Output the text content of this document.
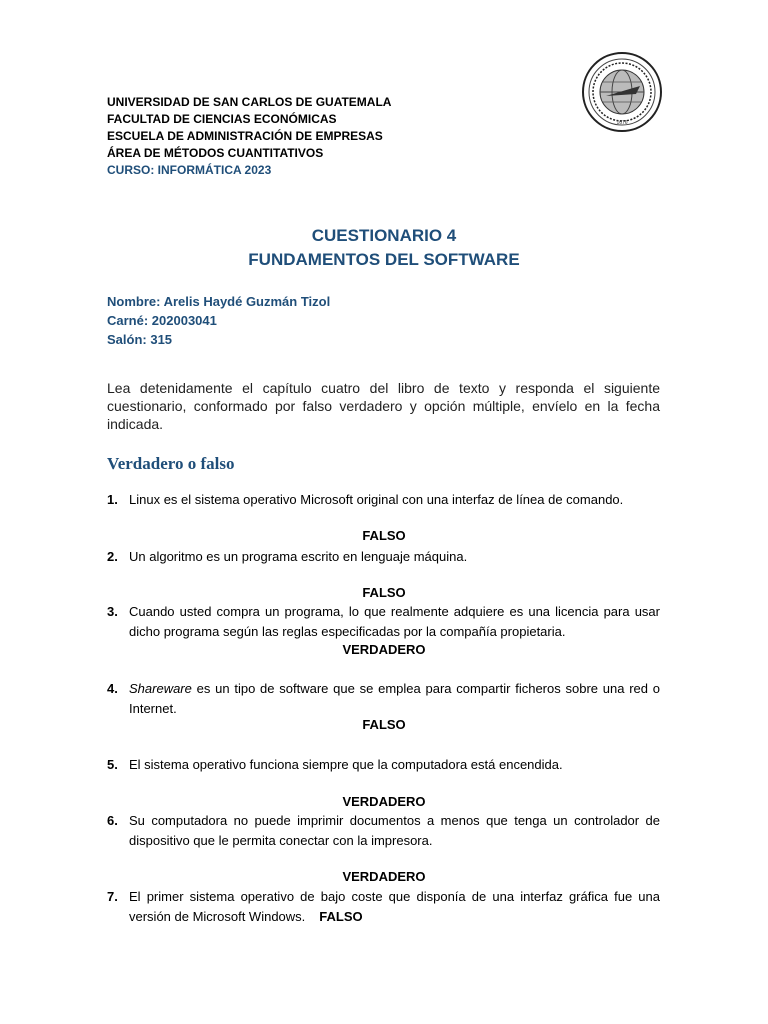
UNIVERSIDAD DE SAN CARLOS DE GUATEMALA
FACULTAD DE CIENCIAS ECONÓMICAS
ESCUELA DE ADMINISTRACIÓN DE EMPRESAS
ÁREA DE MÉTODOS CUANTITATIVOS
CURSO: INFORMÁTICA 2023
1676
CUESTIONARIO 4
FUNDAMENTOS DEL SOFTWARE
Nombre: Arelis Haydé Guzmán Tizol
Carné: 202003041
Salón: 315
Lea detenidamente el capítulo cuatro del libro de texto y responda el siguiente cuestionario, conformado por falso verdadero y opción múltiple, envíelo en la fecha indicada.
Verdadero o falso
1. Linux es el sistema operativo Microsoft original con una interfaz de línea de comando.
FALSO
2. Un algoritmo es un programa escrito en lenguaje máquina.
FALSO
3. Cuando usted compra un programa, lo que realmente adquiere es una licencia para usar dicho programa según las reglas especificadas por la compañía propietaria.
VERDADERO
4. Shareware es un tipo de software que se emplea para compartir ficheros sobre una red o Internet.
FALSO
5. El sistema operativo funciona siempre que la computadora está encendida.
VERDADERO
6. Su computadora no puede imprimir documentos a menos que tenga un controlador de dispositivo que le permita conectar con la impresora.
VERDADERO
7. El primer sistema operativo de bajo coste que disponía de una interfaz gráfica fue una versión de Microsoft Windows. FALSO
